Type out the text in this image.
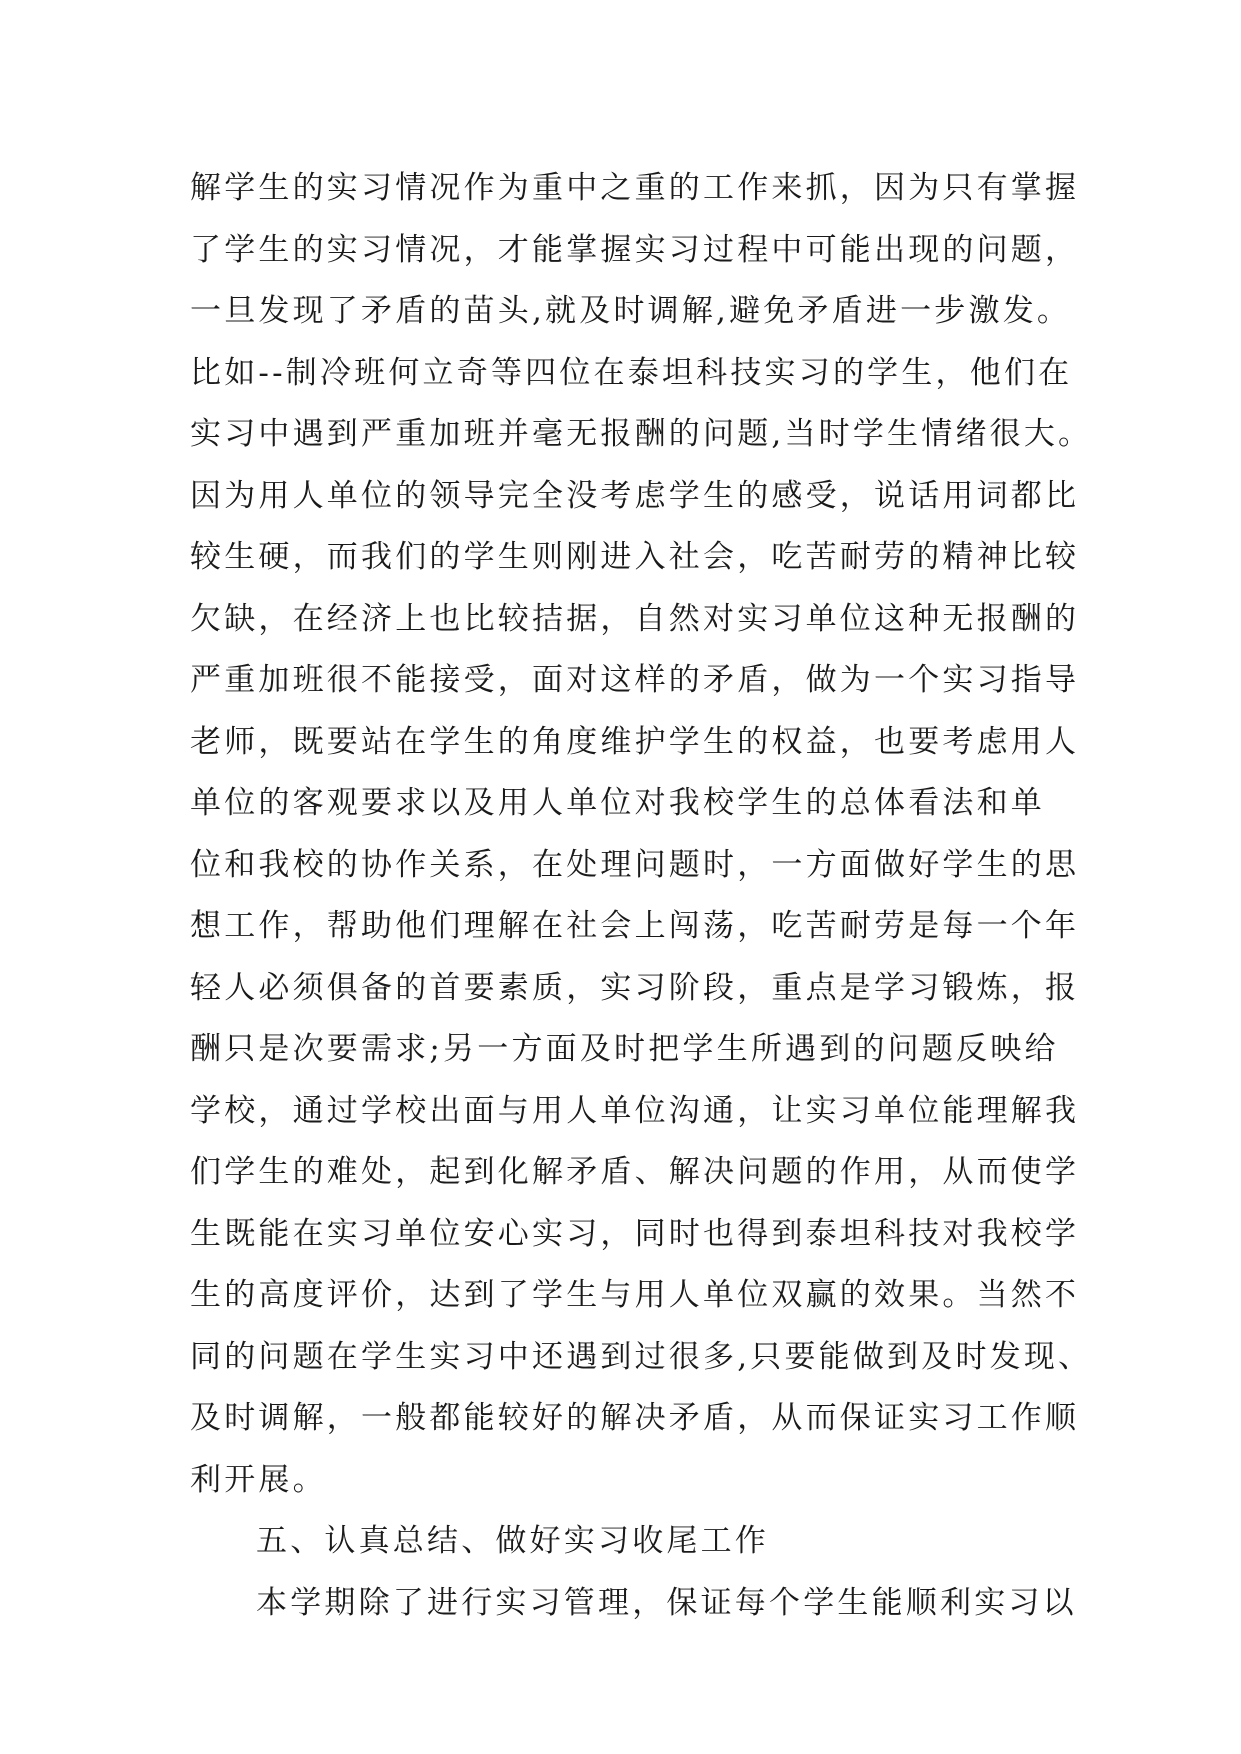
解学生的实习情况作为重中之重的工作来抓，因为只有掌握
了学生的实习情况，才能掌握实习过程中可能出现的问题，
一旦发现了矛盾的苗头,就及时调解,避免矛盾进一步激发。
比如--制冷班何立奇等四位在泰坦科技实习的学生，他们在
实习中遇到严重加班并毫无报酬的问题,当时学生情绪很大。
因为用人单位的领导完全没考虑学生的感受，说话用词都比
较生硬，而我们的学生则刚进入社会，吃苦耐劳的精神比较
欠缺，在经济上也比较拮据，自然对实习单位这种无报酬的
严重加班很不能接受，面对这样的矛盾，做为一个实习指导
老师，既要站在学生的角度维护学生的权益，也要考虑用人
单位的客观要求以及用人单位对我校学生的总体看法和单
位和我校的协作关系，在处理问题时，一方面做好学生的思
想工作，帮助他们理解在社会上闯荡，吃苦耐劳是每一个年
轻人必须俱备的首要素质，实习阶段，重点是学习锻炼，报
酬只是次要需求;另一方面及时把学生所遇到的问题反映给
学校，通过学校出面与用人单位沟通，让实习单位能理解我
们学生的难处，起到化解矛盾、解决问题的作用，从而使学
生既能在实习单位安心实习，同时也得到泰坦科技对我校学
生的高度评价，达到了学生与用人单位双赢的效果。当然不
同的问题在学生实习中还遇到过很多,只要能做到及时发现、
及时调解，一般都能较好的解决矛盾，从而保证实习工作顺
利开展。
五、认真总结、做好实习收尾工作
本学期除了进行实习管理，保证每个学生能顺利实习以
